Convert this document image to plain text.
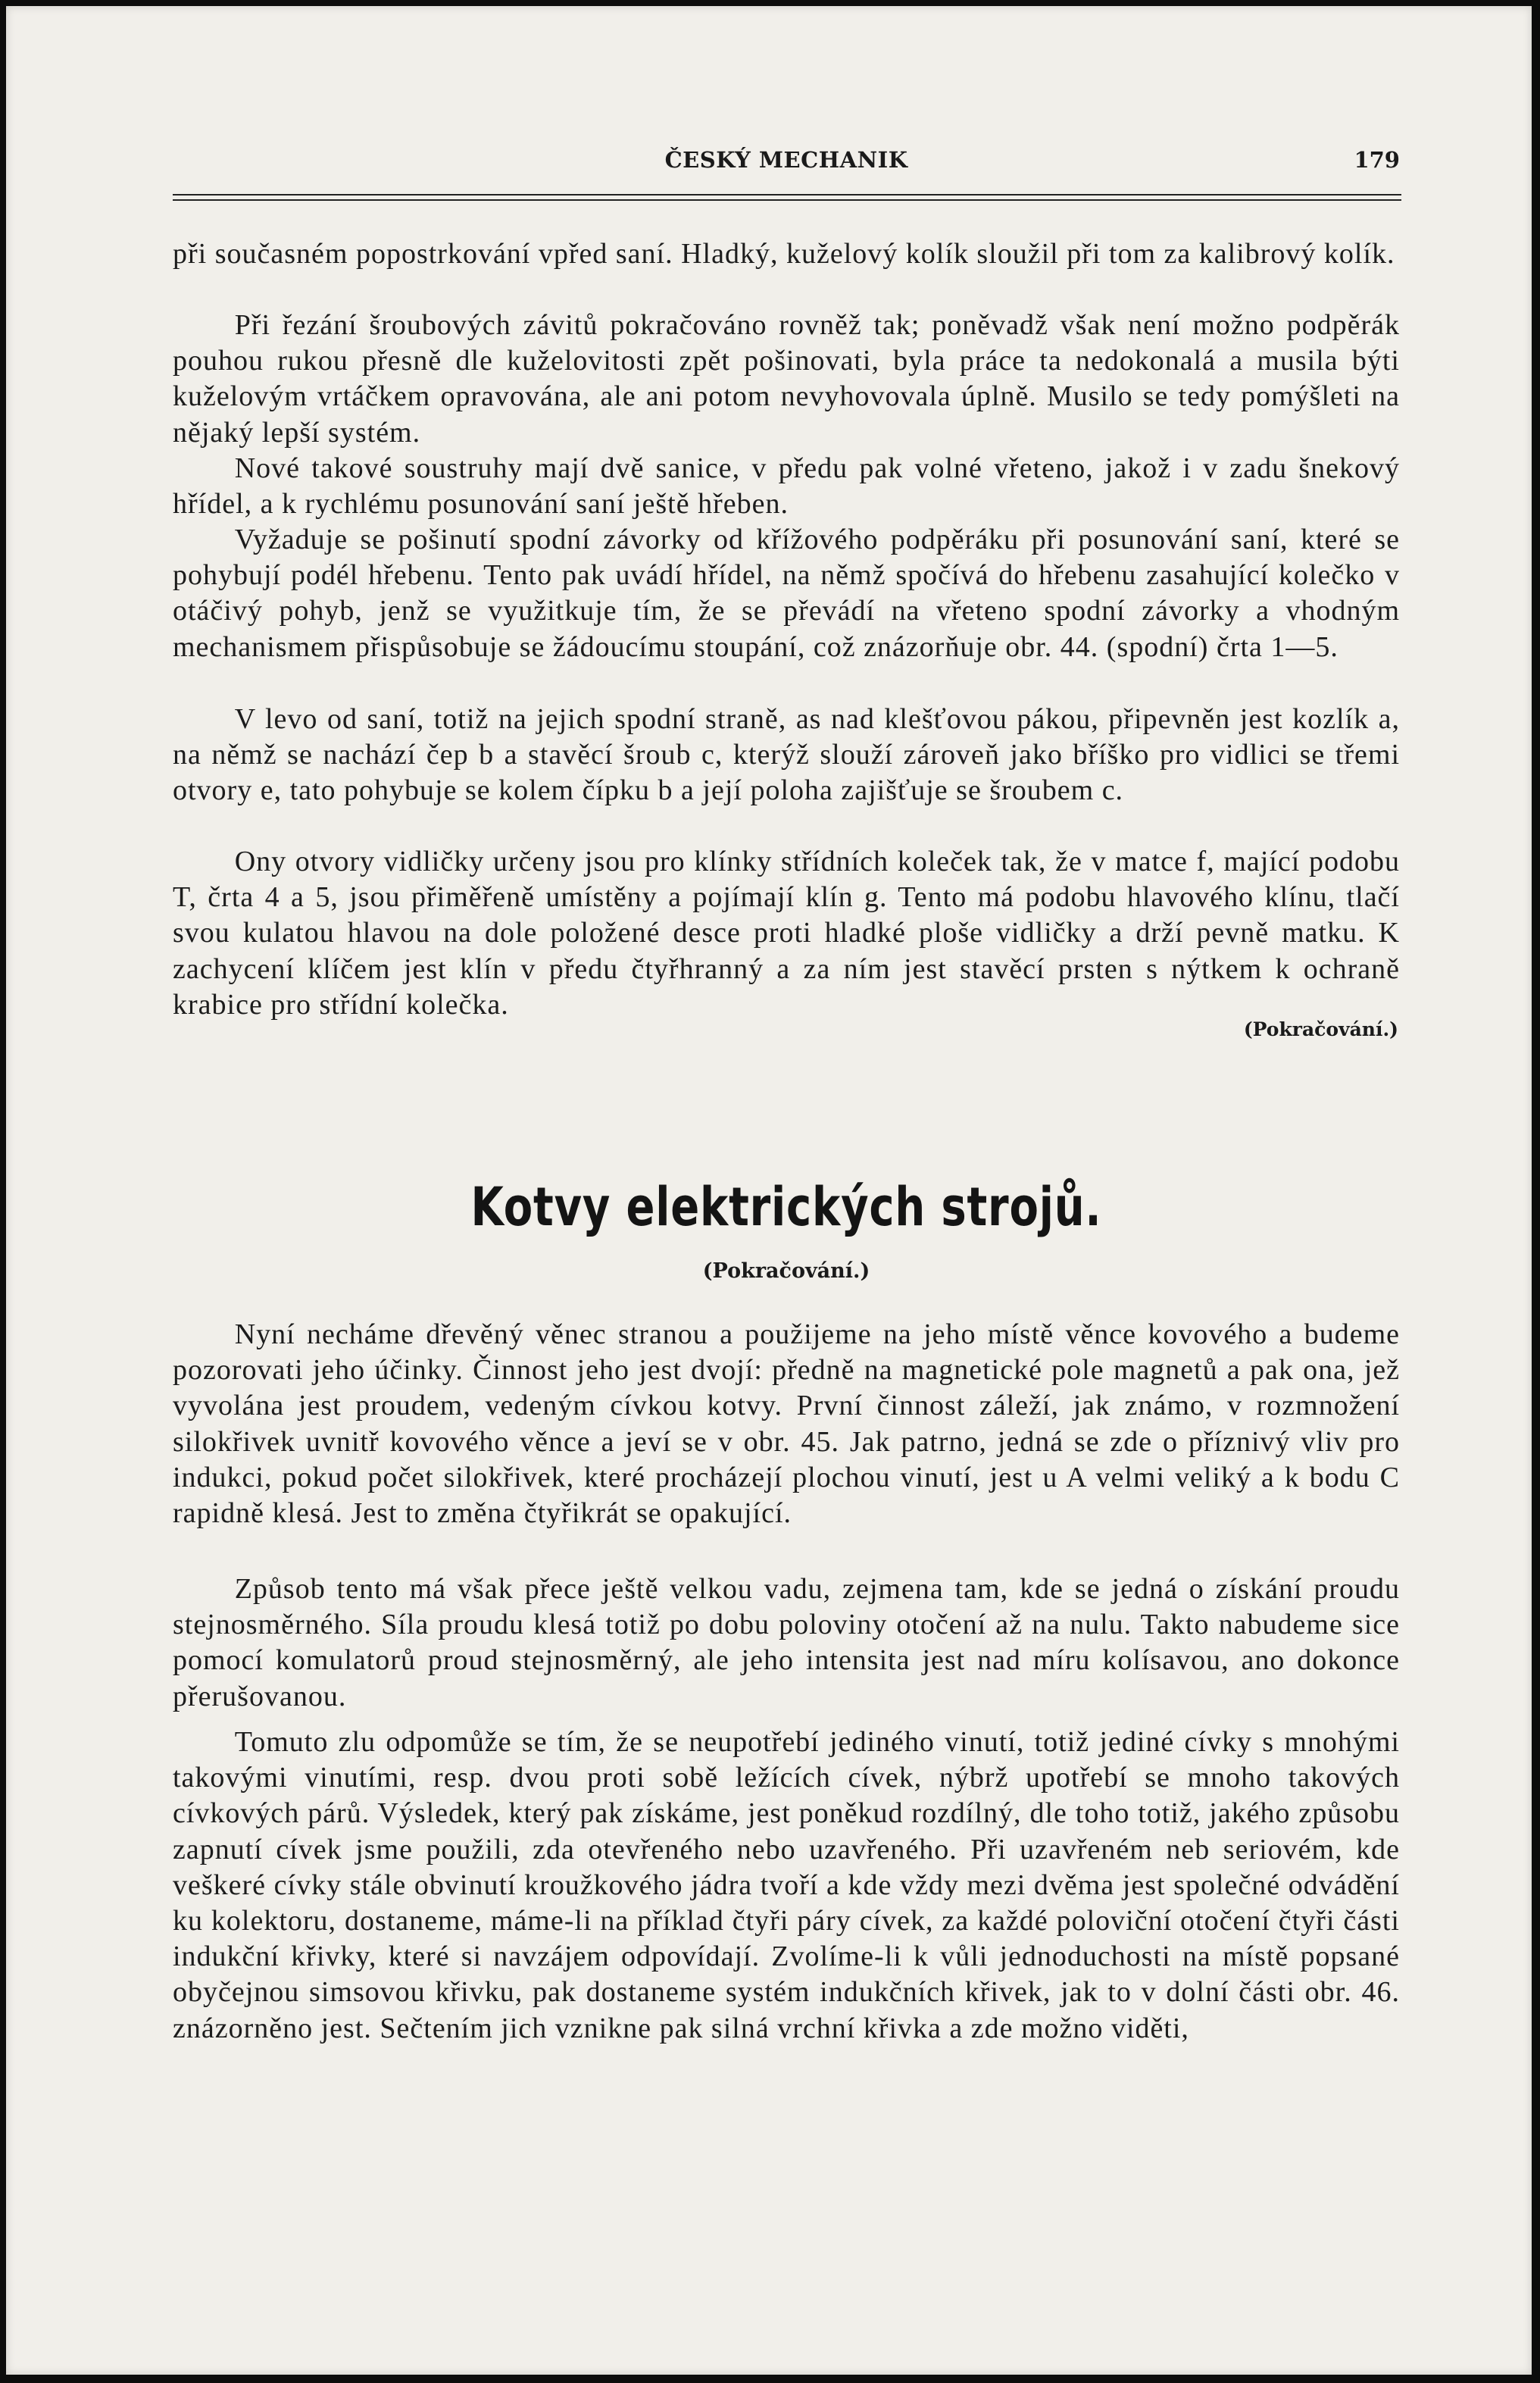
ČESKÝ MECHANIK	179

při současném popostrkování vpřed saní. Hladký, kuželový kolík sloužil při tom za kalibrový kolík.

Při řezání šroubových závitů pokračováno rovněž tak; poněvadž však není možno podpěrák pouhou rukou přesně dle kuželovitosti zpět pošinovati, byla práce ta nedokonalá a musila býti kuželovým vrtáčkem opravována, ale ani potom nevyhovovala úplně. Musilo se tedy pomýšleti na nějaký lepší systém.

Nové takové soustruhy mají dvě sanice, v předu pak volné vřeteno, jakož i v zadu šnekový hřídel, a k rychlému posunování saní ještě hřeben.

Vyžaduje se pošinutí spodní závorky od křížového podpěráku při posunování saní, které se pohybují podél hřebenu. Tento pak uvádí hřídel, na němž spočívá do hřebenu zasahující kolečko v otáčivý pohyb, jenž se využitkuje tím, že se převádí na vřeteno spodní závorky a vhodným mechanismem přispůsobuje se žádoucímu stoupání, což znázorňuje obr. 44. (spodní) črta 1—5.

V levo od saní, totiž na jejich spodní straně, as nad klešťovou pákou, připevněn jest kozlík a, na němž se nachází čep b a stavěcí šroub c, kterýž slouží zároveň jako bříško pro vidlici se třemi otvory e, tato pohybuje se kolem čípku b a její poloha zajišťuje se šroubem c.

Ony otvory vidličky určeny jsou pro klínky střídních koleček tak, že v matce f, mající podobu T, črta 4 a 5, jsou přiměřeně umístěny a pojímají klín g. Tento má podobu hlavového klínu, tlačí svou kulatou hlavou na dole položené desce proti hladké ploše vidličky a drží pevně matku. K zachycení klíčem jest klín v předu čtyřhranný a za ním jest stavěcí prsten s nýtkem k ochraně krabice pro střídní kolečka.

(Pokračování.)
Kotvy elektrických strojů.
(Pokračování.)

Nyní necháme dřevěný věnec stranou a použijeme na jeho místě věnce kovového a budeme pozorovati jeho účinky. Činnost jeho jest dvojí: předně na magnetické pole magnetů a pak ona, jež vyvolána jest proudem, vedeným cívkou kotvy. První činnost záleží, jak známo, v rozmnožení silokřivek uvnitř kovového věnce a jeví se v obr. 45. Jak patrno, jedná se zde o příznivý vliv pro indukci, pokud počet silokřivek, které procházejí plochou vinutí, jest u A velmi veliký a k bodu C rapidně klesá. Jest to změna čtyřikrát se opakující.

Způsob tento má však přece ještě velkou vadu, zejmena tam, kde se jedná o získání proudu stejnosměrného. Síla proudu klesá totiž po dobu poloviny otočení až na nulu. Takto nabudeme sice pomocí komulatorů proud stejnosměrný, ale jeho intensita jest nad míru kolísavou, ano dokonce přerušovanou.

Tomuto zlu odpomůže se tím, že se neupotřebí jediného vinutí, totiž jediné cívky s mnohými takovými vinutími, resp. dvou proti sobě ležících cívek, nýbrž upotřebí se mnoho takových cívkových párů. Výsledek, který pak získáme, jest poněkud rozdílný, dle toho totiž, jakého způsobu zapnutí cívek jsme použili, zda otevřeného nebo uzavřeného. Při uzavřeném neb seriovém, kde veškeré cívky stále obvinutí kroužkového jádra tvoří a kde vždy mezi dvěma jest společné odvádění ku kolektoru, dostaneme, máme-li na příklad čtyři páry cívek, za každé poloviční otočení čtyři části indukční křivky, které si navzájem odpovídají. Zvolíme-li k vůli jednoduchosti na místě popsané obyčejnou simsovou křivku, pak dostaneme systém indukčních křivek, jak to v dolní části obr. 46. znázorněno jest. Sečtením jich vznikne pak silná vrchní křivka a zde možno viděti,
